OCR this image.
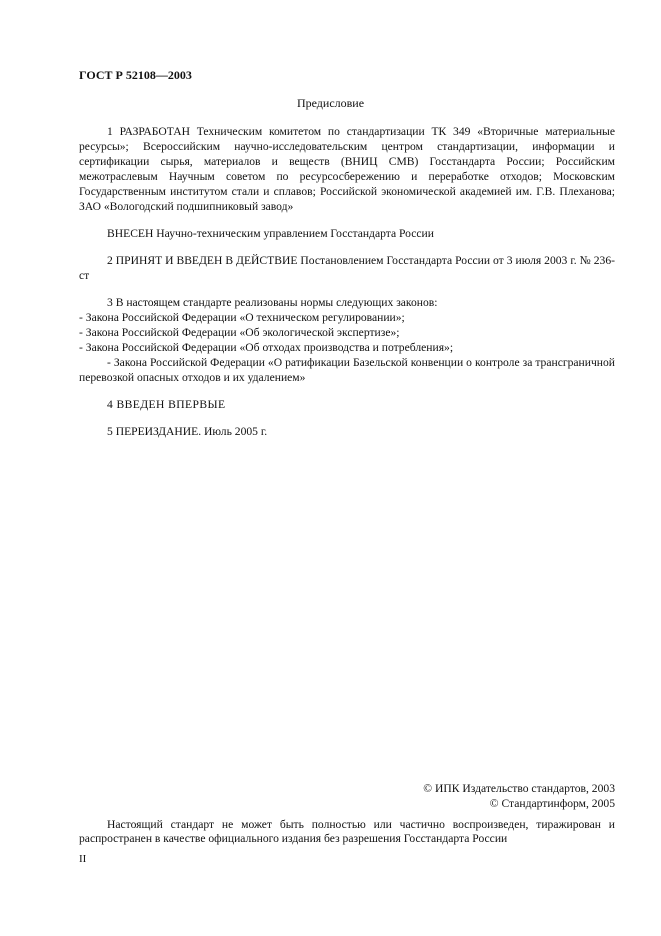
ГОСТ Р 52108—2003
Предисловие

1 РАЗРАБОТАН Техническим комитетом по стандартизации ТК 349 «Вторичные материальные ресурсы»; Всероссийским научно-исследовательским центром стандартизации, информации и сертификации сырья, материалов и веществ (ВНИЦ СМВ) Госстандарта России; Российским межотраслевым Научным советом по ресурсосбережению и переработке отходов; Московским Государственным институтом стали и сплавов; Российской экономической академией им. Г.В. Плеханова; ЗАО «Вологодский подшипниковый завод»

ВНЕСЕН Научно-техническим управлением Госстандарта России

2 ПРИНЯТ И ВВЕДЕН В ДЕЙСТВИЕ Постановлением Госстандарта России от 3 июля 2003 г. № 236-ст

3 В настоящем стандарте реализованы нормы следующих законов:

- Закона Российской Федерации «О техническом регулировании»;
- Закона Российской Федерации «Об экологической экспертизе»;
- Закона Российской Федерации «Об отходах производства и потребления»;
- Закона Российской Федерации «О ратификации Базельской конвенции о контроле за трансграничной перевозкой опасных отходов и их удалением»

4 ВВЕДЕН ВПЕРВЫЕ

5 ПЕРЕИЗДАНИЕ. Июль 2005 г.

© ИПК Издательство стандартов, 2003
© Стандартинформ, 2005

Настоящий стандарт не может быть полностью или частично воспроизведен, тиражирован и распространен в качестве официального издания без разрешения Госстандарта России

II
